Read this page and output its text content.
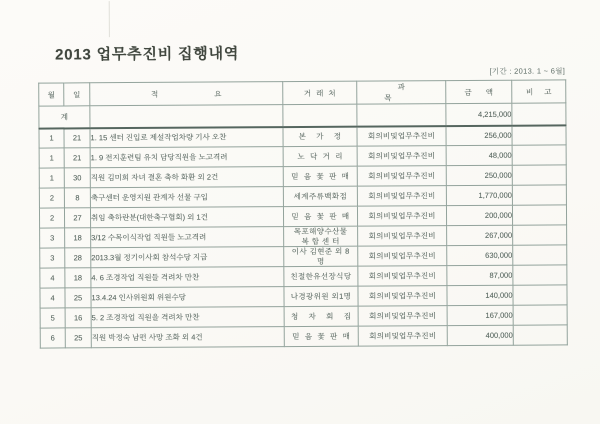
2013 업무추진비 집행내역
[기간 : 2013. 1 ~ 6월]
월	일	적요	거래처	과목	금액	비고
계					4,215,000	
1	21	1. 15 센터 진입로 제설작업차량 기사 오찬	본    가    정	회의비및업무추진비	256,000	
1	21	1. 9 전지훈련팀 유치 담당직원을 노고격려	노  닥  거  리	회의비및업무추진비	48,000	
1	30	직원 김미희 자녀 결혼 축하 화환 외 2건	믿  음  꽃  판  매	회의비및업무추진비	250,000	
2	8	축구센터 운영지원 관계자 선물 구입	세계주류백화점	회의비및업무추진비	1,770,000	
2	27	취임 축하란분(대한축구협회) 외 1건	믿  음  꽃  판  매	회의비및업무추진비	200,000	
3	18	3/12 수목이식작업 직원들 노고격려	목포해양수산물
복 합 센 터	회의비및업무추진비	267,000	
3	28	2013.3월 정기이사회 참석수당 지급	이사 김현준 외 8
명	회의비및업무추진비	630,000	
4	18	4. 6 조경작업 직원들 격려차 만찬	친절한유선장식당	회의비및업무추진비	87,000	
4	25	13.4.24 인사위원회 위원수당	나경광위원 외1명	회의비및업무추진비	140,000	
5	16	5. 2 조경작업 직원을 격려차 만찬	청    자    회    집	회의비및업무추진비	167,000	
6	25	직원 박정숙 남편 사망 조화 외 4건	믿  음  꽃  판  매	회의비및업무추진비	400,000	
